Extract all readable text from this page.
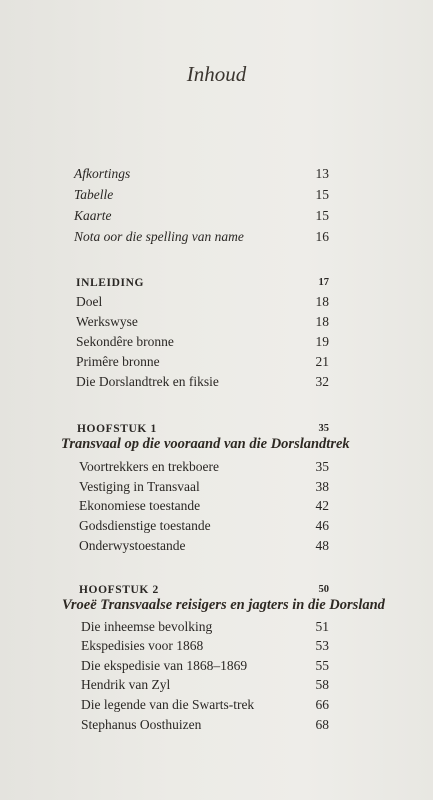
Inhoud
Afkortings	13
Tabelle	15
Kaarte	15
Nota oor die spelling van name	16
INLEIDING	17
Doel	18
Werkswyse	18
Sekondêre bronne	19
Primêre bronne	21
Die Dorslandtrek en fiksie	32
HOOFSTUK 1	35
Transvaal op die vooraand van die Dorslandtrek
Voortrekkers en trekboere	35
Vestiging in Transvaal	38
Ekonomiese toestande	42
Godsdienstige toestande	46
Onderwystoestande	48
HOOFSTUK 2	50
Vroeë Transvaalse reisigers en jagters in die Dorsland
Die inheemse bevolking	51
Ekspedisies voor 1868	53
Die ekspedisie van 1868–1869	55
Hendrik van Zyl	58
Die legende van die Swarts-trek	66
Stephanus Oosthuizen	68
